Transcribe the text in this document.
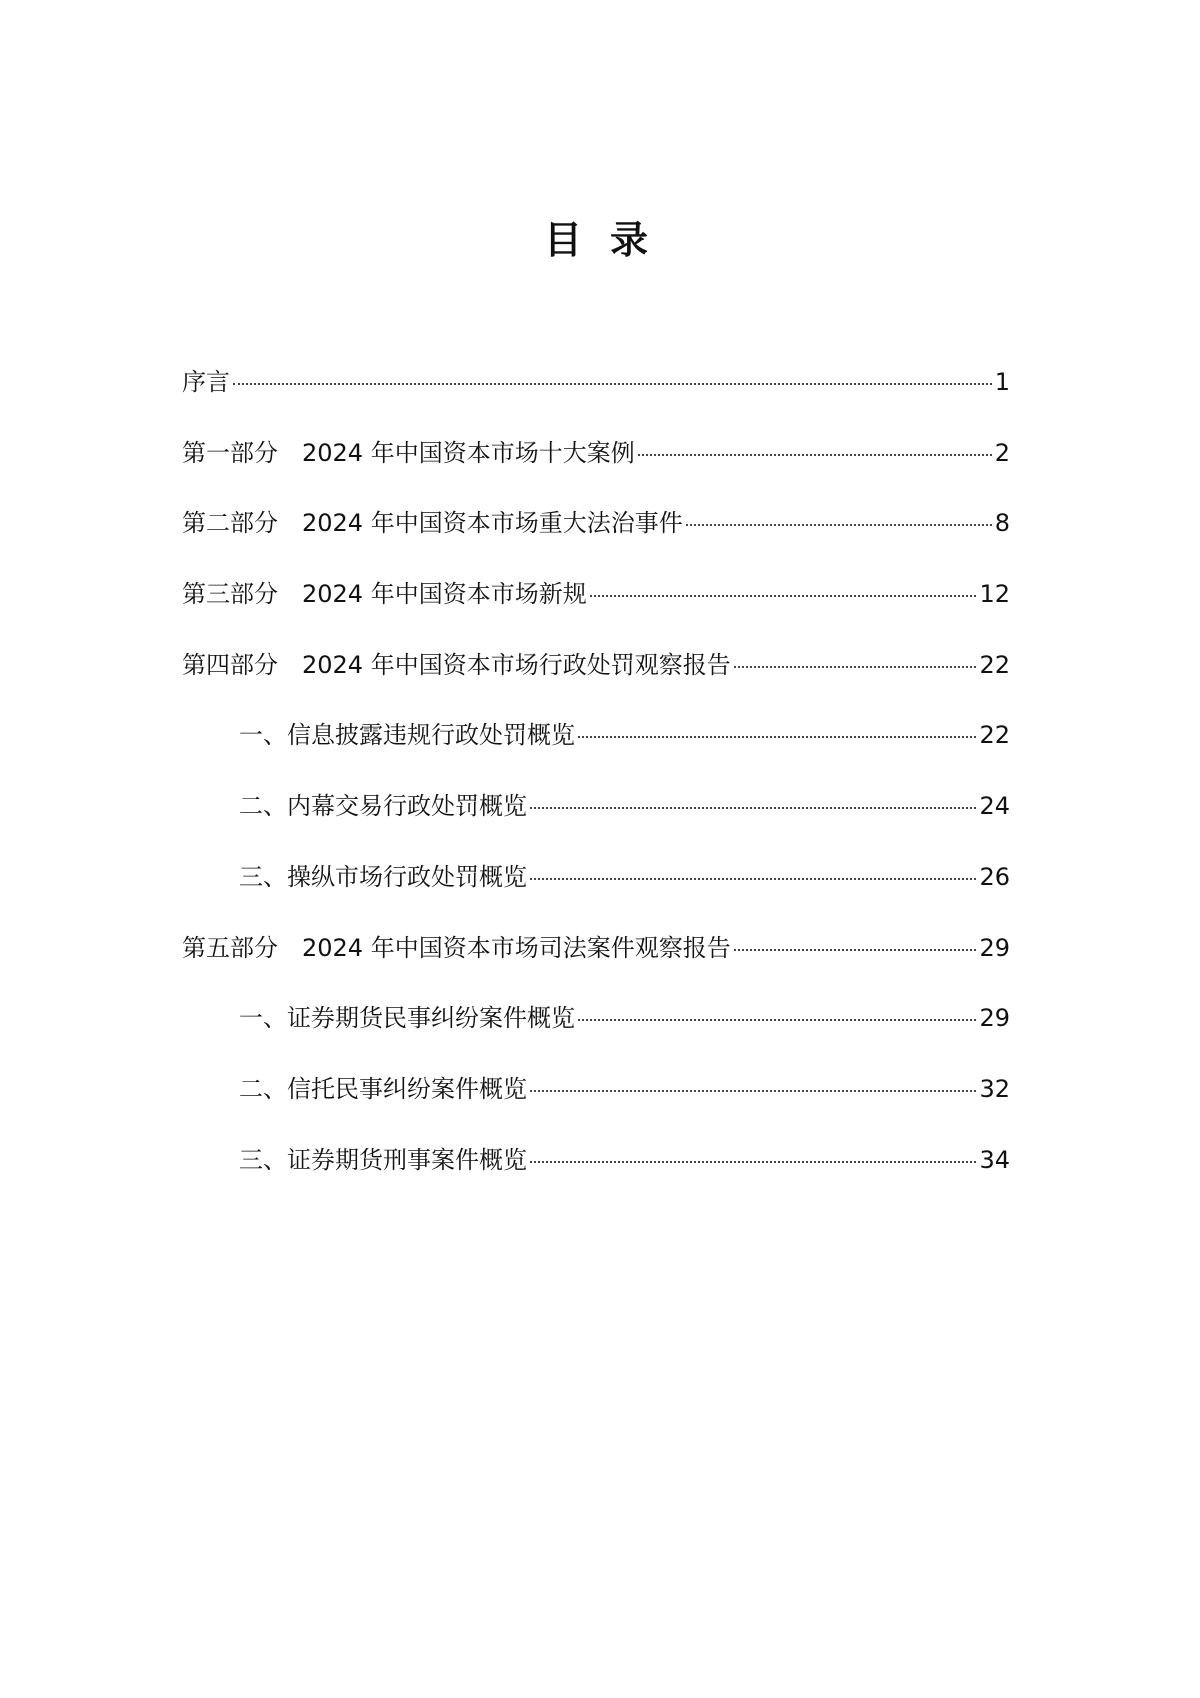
目录
序言	1
第一部分　2024 年中国资本市场十大案例	2
第二部分　2024 年中国资本市场重大法治事件	8
第三部分　2024 年中国资本市场新规	12
第四部分　2024 年中国资本市场行政处罚观察报告	22
一、信息披露违规行政处罚概览	22
二、内幕交易行政处罚概览	24
三、操纵市场行政处罚概览	26
第五部分　2024 年中国资本市场司法案件观察报告	29
一、证券期货民事纠纷案件概览	29
二、信托民事纠纷案件概览	32
三、证券期货刑事案件概览	34
